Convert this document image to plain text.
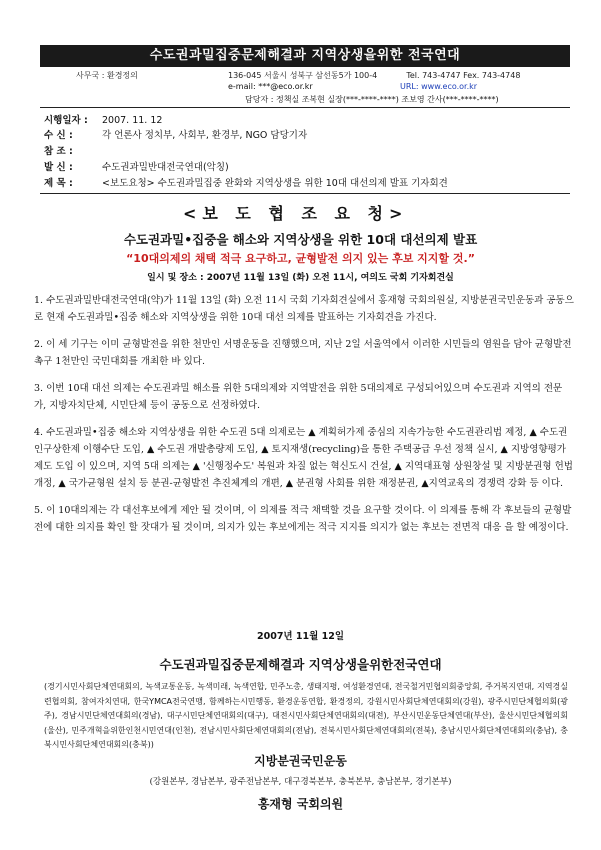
수도권과밀집중문제해결과 지역상생을위한 전국연대
사무국 : 환경정의	136-045 서울시 성북구 삼선동5가 100-4	Tel. 743-4747 Fex. 743-4748
e-mail: ***@eco.or.kr	URL: www.eco.or.kr
담당자 : 정책실 조복현 실장(***-****-****) 조보영 간사(***-****-****)
시행일자 : 2007. 11. 12
수 신 :	각 언론사 정치부, 사회부, 환경부, NGO 담당기자
참 조 :
발 신 :	수도권과밀반대전국연대(악칭)
제 목 :	<보도요청> 수도권과밀집중 완화와 지역상생을 위한 10대 대선의제 발표 기자회견
<보 도 협 조 요 청>
수도권과밀•집중을 해소와 지역상생을 위한 10대 대선의제 발표
“10대의제의 채택 적극 요구하고, 균형발전 의지 있는 후보 지지할 것.”
일시 및 장소 : 2007년 11월 13일 (화) 오전 11시, 여의도 국회 기자회견실

1. 수도권과밀반대전국연대(약)가 11월 13일 (화) 오전 11시 국회 기자회견실에서 홍재형 국회의원실, 지방분권국민운동과 공동으로 현재 수도권과밀•집중 해소와 지역상생을 위한 10대 대선 의제를 발표하는 기자회견을 가진다.

2. 이 세 기구는 이미 균형발전을 위한 천만인 서명운동을 진행했으며, 지난 2일 서울역에서 이러한 시민들의 염원을 담아 균형발전촉구 1천만인 국민대회를 개최한 바 있다.

3. 이번 10대 대선 의제는 수도권과밀 해소를 위한 5대의제와 지역발전을 위한 5대의제로 구성되어있으며 수도권과 지역의 전문가, 지방자치단체, 시민단체 등이 공동으로 선정하였다.

4. 수도권과밀•집중 해소와 지역상생을 위한 수도권 5대 의제로는 ▲ 계획허가제 중심의 지속가능한 수도권관리법 제정, ▲ 수도권 인구상한제 이행수단 도입, ▲ 수도권 개발총량제 도입, ▲ 토지재생(recycling)을 통한 주택공급 우선 정책 실시, ▲ 지방영향평가제도 도입 이 있으며, 지역 5대 의제는 ▲ '신행정수도' 복원과 차질 없는 혁신도시 건설, ▲ 지역대표형 상원창설 및 지방분권형 헌법개정, ▲ 국가균형원 설치 등 분권-균형발전 추진체계의 개편, ▲ 분권형 사회를 위한 재정분권, ▲지역교육의 경쟁력 강화 등 이다.

5. 이 10대의제는 각 대선후보에게 제안 될 것이며, 이 의제를 적극 채택할 것을 요구할 것이다. 이 의제를 통해 각 후보들의 균형발전에 대한 의지를 확인 할 잣대가 될 것이며, 의지가 있는 후보에게는 적극 지지를 의지가 없는 후보는 전면적 대응 을 할 예정이다.

2007년 11월 12일
수도권과밀집중문제해결과 지역상생을위한전국연대
(경기시민사회단체연대회의, 녹색교통운동, 녹색미래, 녹색연합, 민주노총, 생태지평, 여성환경연대, 전국철거민협의회중앙회, 주거복지연대, 지역경실련협의회, 참여자치연대, 한국YMCA전국연맹, 함께하는시민행동, 환경운동연합, 환경정의, 강원시민사회단체연대회의(강원), 광주시민단체협의회(광주), 경남시민단체연대회의(경남), 대구시민단체연대회의(대구), 대전시민사회단체연대회의(대전), 부산시민운동단체연대(부산), 울산시민단체협의회(울산), 민주개혁을위한인천시민연대(인천), 전남시민사회단체연대회의(전남), 전북시민사회단체연대회의(전북), 충남시민사회단체연대회의(충남), 충북시민사회단체연대회의(충북))
지방분권국민운동
(강원본부, 경남본부, 광주전남본부, 대구경북본부, 충북본부, 충남본부, 경기본부)
홍재형 국회의원
